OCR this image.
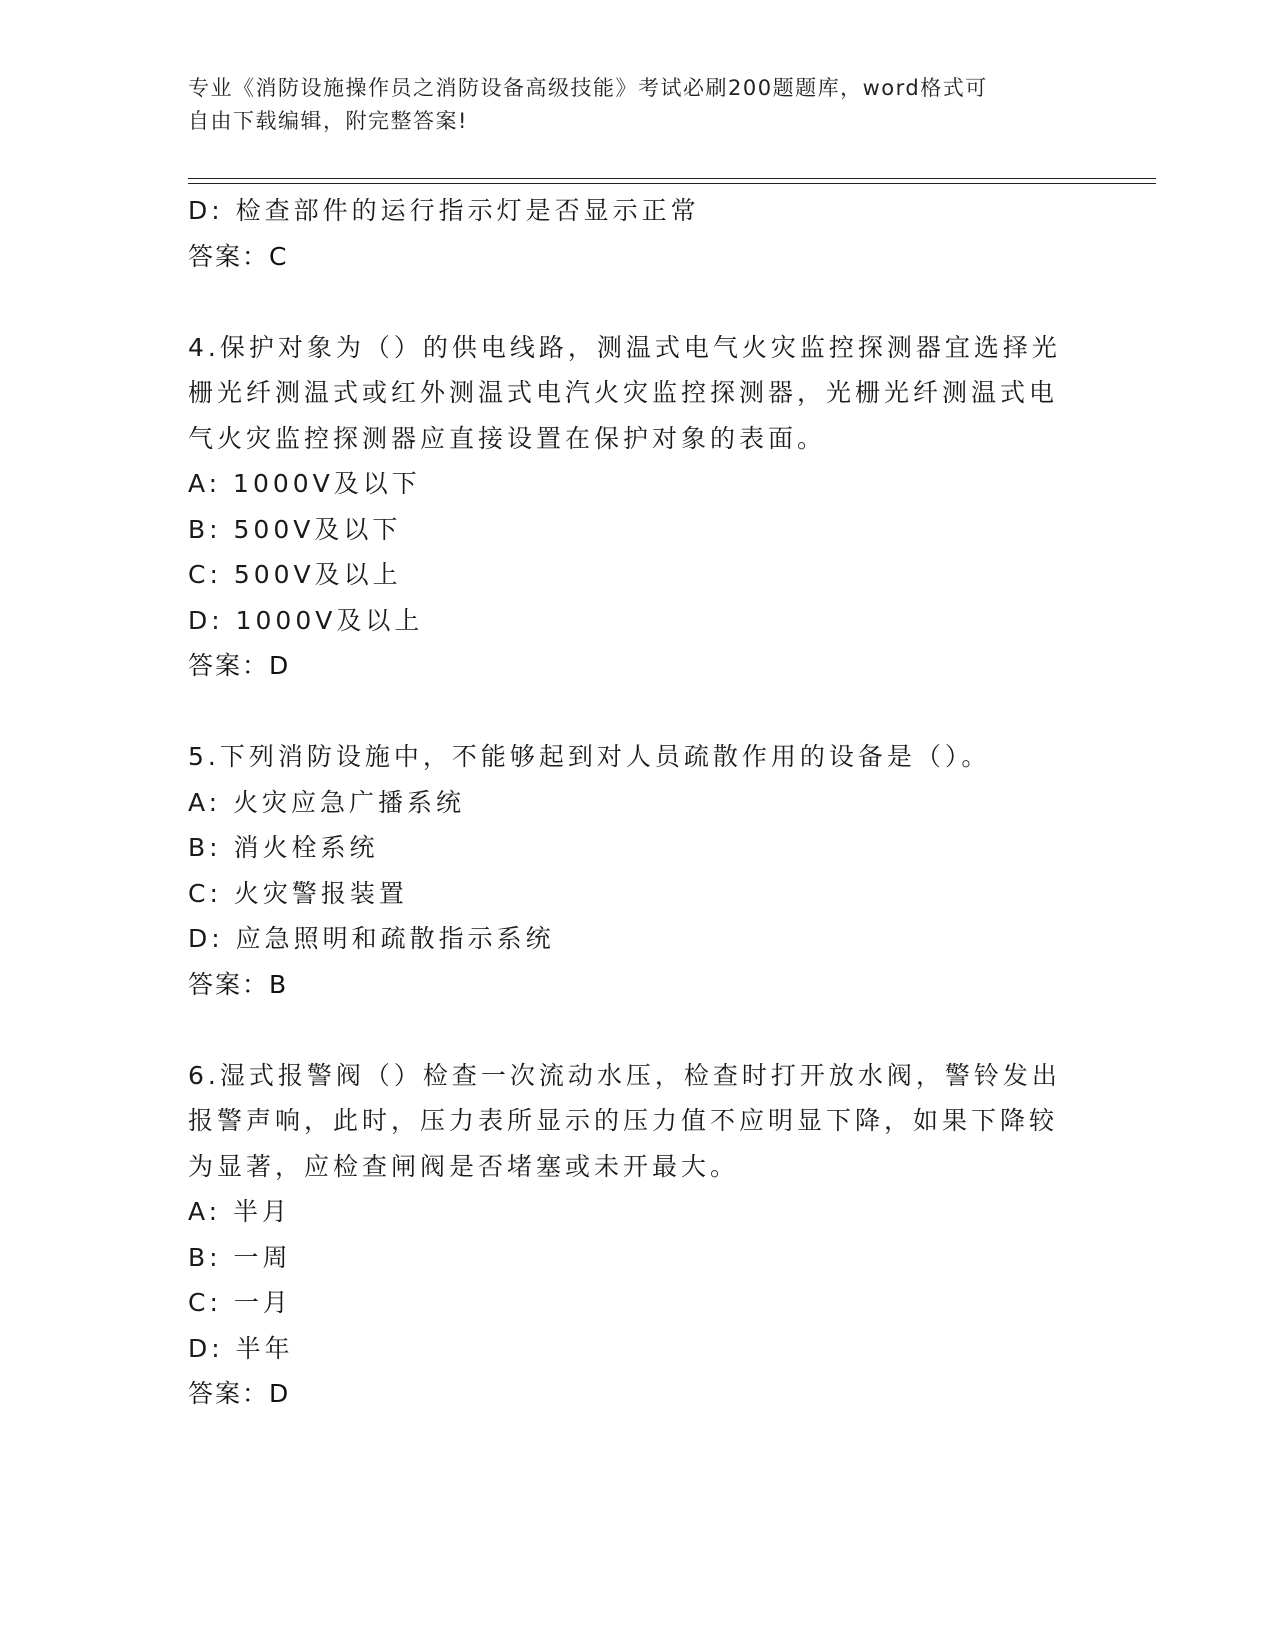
专业《消防设施操作员之消防设备高级技能》考试必刷200题题库，word格式可
自由下载编辑，附完整答案!
D: 检查部件的运行指示灯是否显示正常
答案：C
4.保护对象为（）的供电线路，测温式电气火灾监控探测器宜选择光
栅光纤测温式或红外测温式电汽火灾监控探测器，光栅光纤测温式电
气火灾监控探测器应直接设置在保护对象的表面。
A: 1000V及以下
B: 500V及以下
C: 500V及以上
D: 1000V及以上
答案：D
5.下列消防设施中，不能够起到对人员疏散作用的设备是（）。
A: 火灾应急广播系统
B: 消火栓系统
C: 火灾警报装置
D: 应急照明和疏散指示系统
答案：B
6.湿式报警阀（）检查一次流动水压，检查时打开放水阀，警铃发出
报警声响，此时，压力表所显示的压力值不应明显下降，如果下降较
为显著，应检查闸阀是否堵塞或未开最大。
A: 半月
B: 一周
C: 一月
D: 半年
答案：D
